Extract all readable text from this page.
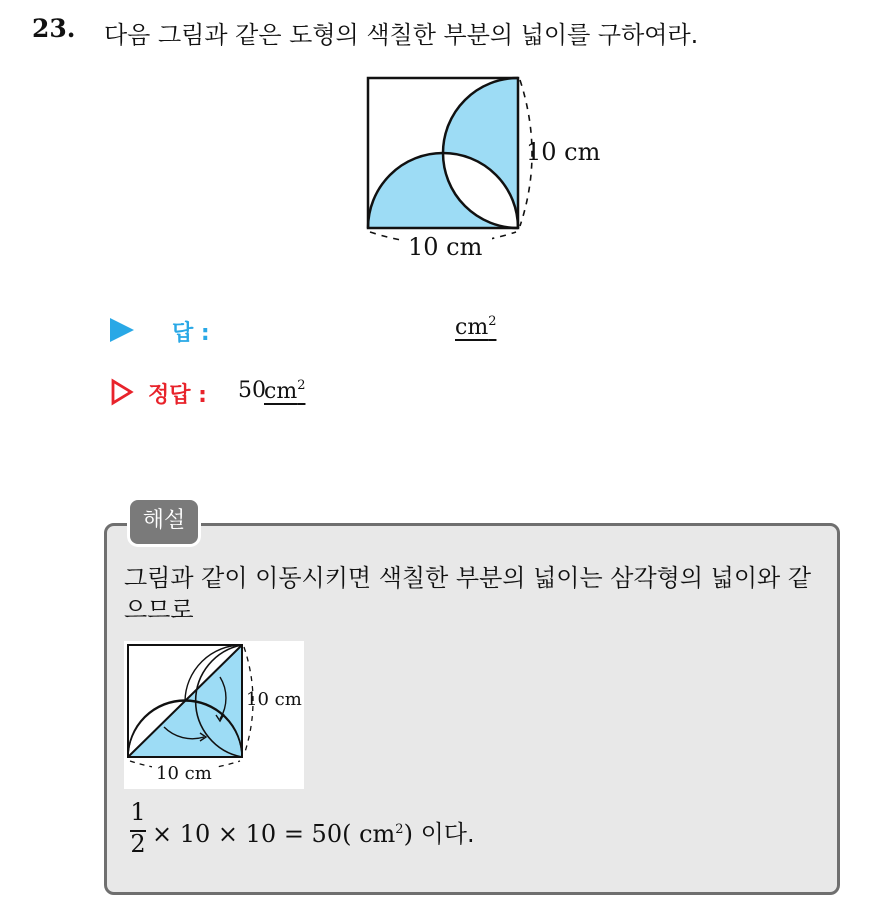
23. 다음 그림과 같은 도형의 색칠한 부분의 넓이를 구하여라.
10 cm
10 cm
답 :	$cm^2$
정답 : 50
$cm^2$
해설
그림과 같이 이동시키면 색칠한 부분의 넓이는 삼각형의 넓이와 같으므로
10 cm
10 cm
1
2 × 10 × 10 = 50( $cm^2$) 이다.
